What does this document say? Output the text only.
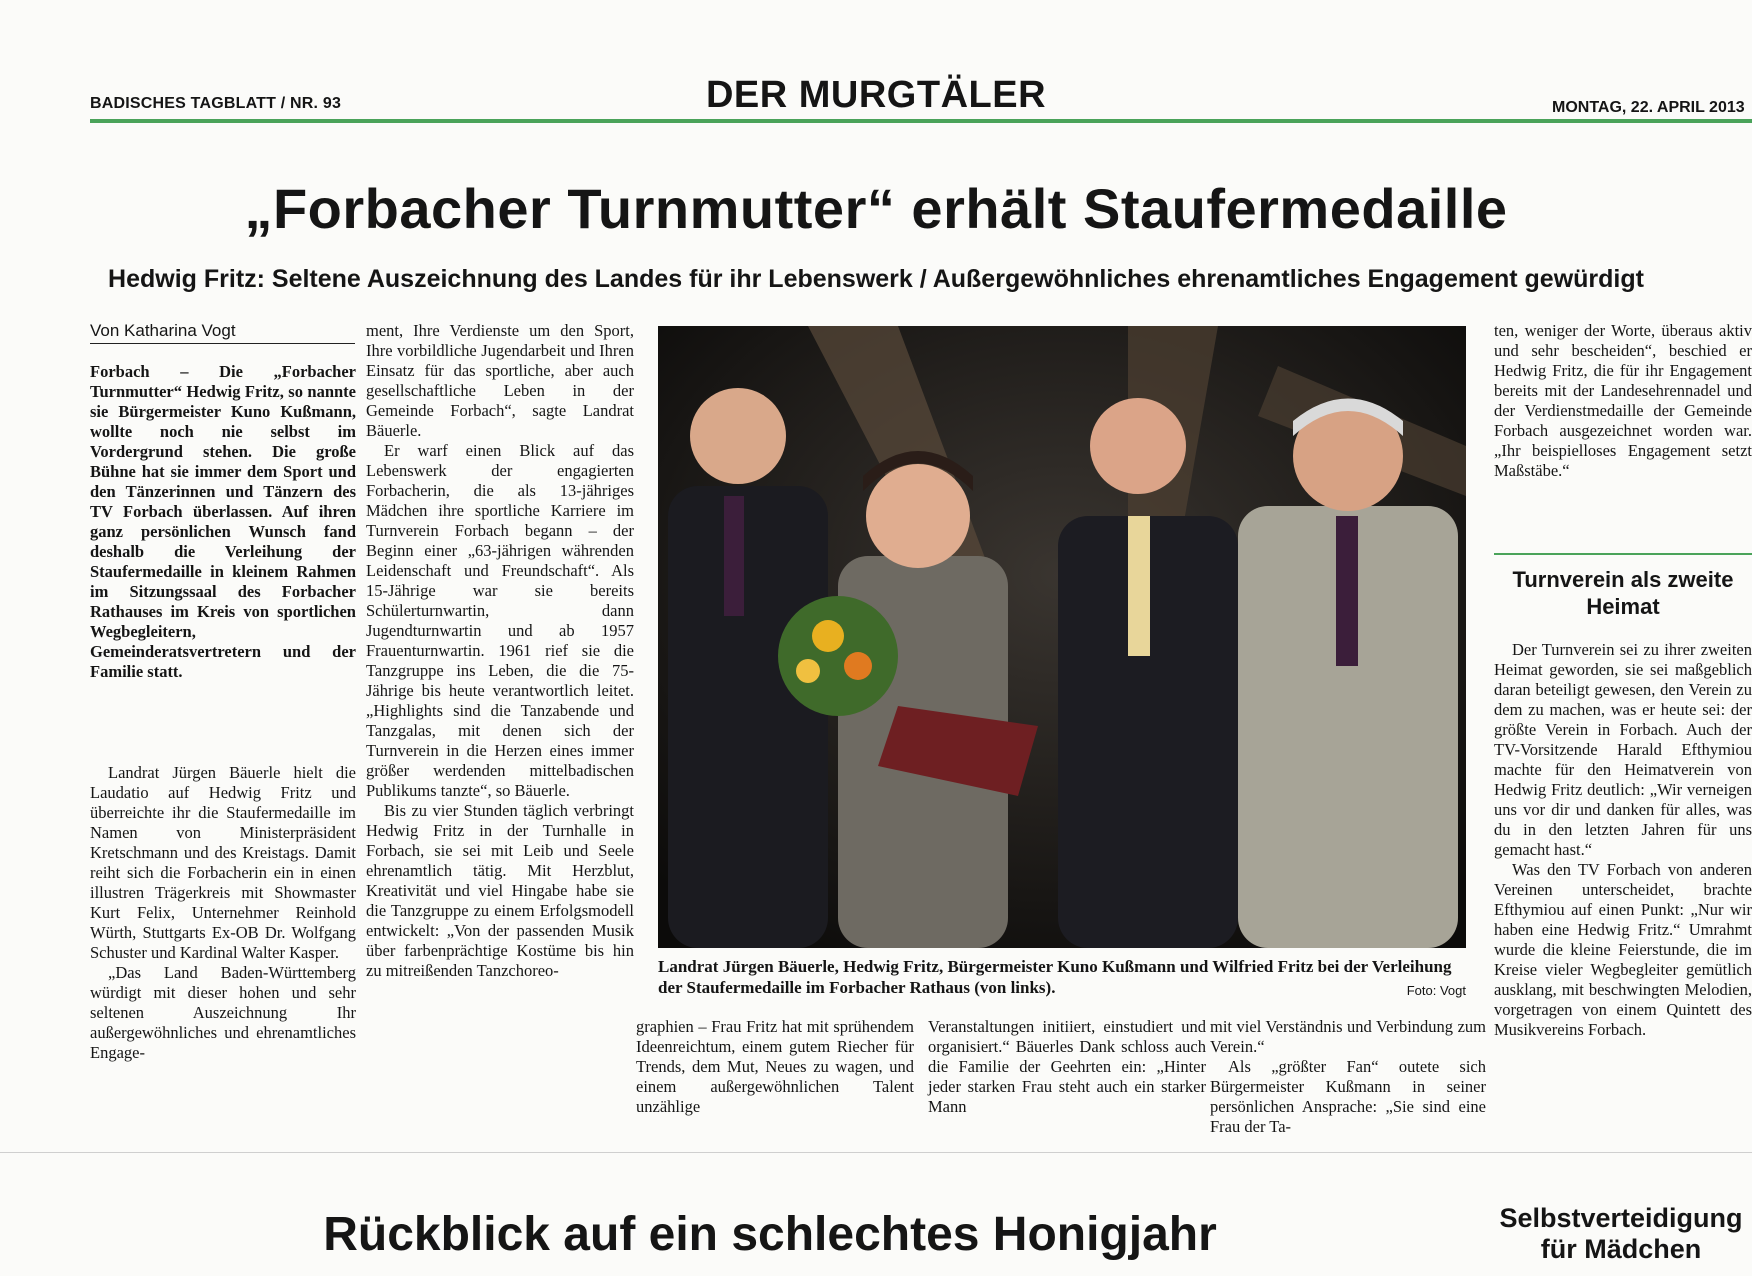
BADISCHES TAGBLATT / NR. 93	DER MURGTÄLER	MONTAG, 22. APRIL 2013
„Forbacher Turnmutter“ erhält Staufermedaille
Hedwig Fritz: Seltene Auszeichnung des Landes für ihr Lebenswerk / Außergewöhnliches ehrenamtliches Engagement gewürdigt
Von Katharina Vogt

Forbach – Die „Forbacher Turnmutter“ Hedwig Fritz, so nannte sie Bürgermeister Kuno Kußmann, wollte noch nie selbst im Vordergrund stehen. Die große Bühne hat sie immer dem Sport und den Tänzerinnen und Tänzern des TV Forbach überlassen. Auf ihren ganz persönlichen Wunsch fand deshalb die Verleihung der Staufermedaille in kleinem Rahmen im Sitzungssaal des Forbacher Rathauses im Kreis von sportlichen Wegbegleitern, Gemeinderatsvertretern und der Familie statt.

Landrat Jürgen Bäuerle hielt die Laudatio auf Hedwig Fritz und überreichte ihr die Staufermedaille im Namen von Ministerpräsident Kretschmann und des Kreistags. Damit reiht sich die Forbacherin ein in einen illustren Trägerkreis mit Showmaster Kurt Felix, Unternehmer Reinhold Würth, Stuttgarts Ex-OB Dr. Wolfgang Schuster und Kardinal Walter Kasper.

„Das Land Baden-Württemberg würdigt mit dieser hohen und sehr seltenen Auszeichnung Ihr außergewöhnliches und ehrenamtliches Engage-

ment, Ihre Verdienste um den Sport, Ihre vorbildliche Jugendarbeit und Ihren Einsatz für das sportliche, aber auch gesellschaftliche Leben in der Gemeinde Forbach“, sagte Landrat Bäuerle.

Er warf einen Blick auf das Lebenswerk der engagierten Forbacherin, die als 13-jähriges Mädchen ihre sportliche Karriere im Turnverein Forbach begann – der Beginn einer „63-jährigen währenden Leidenschaft und Freundschaft“. Als 15-Jährige war sie bereits Schülerturnwartin, dann Jugendturnwartin und ab 1957 Frauenturnwartin. 1961 rief sie die Tanzgruppe ins Leben, die die 75-Jährige bis heute verantwortlich leitet. „Highlights sind die Tanzabende und Tanzgalas, mit denen sich der Turnverein in die Herzen eines immer größer werdenden mittelbadischen Publikums tanzte“, so Bäuerle.

Bis zu vier Stunden täglich verbringt Hedwig Fritz in der Turnhalle in Forbach, sie sei mit Leib und Seele ehrenamtlich tätig. Mit Herzblut, Kreativität und viel Hingabe habe sie die Tanzgruppe zu einem Erfolgsmodell entwickelt: „Von der passenden Musik über farbenprächtige Kostüme bis hin zu mitreißenden Tanzchoreo-	Landrat Jürgen Bäuerle, Hedwig Fritz, Bürgermeister Kuno Kußmann und Wilfried Fritz bei der Verleihung der Staufermedaille im Forbacher Rathaus (von links).	Foto: Vogt

graphien – Frau Fritz hat mit sprühendem Ideenreichtum, einem gutem Riecher für Trends, dem Mut, Neues zu wagen, und einem außergewöhnlichen Talent unzählige

Veranstaltungen initiiert, einstudiert und organisiert.“ Bäuerles Dank schloss auch die Familie der Geehrten ein: „Hinter jeder starken Frau steht auch ein starker Mann

mit viel Verständnis und Verbindung zum Verein.“

Als „größter Fan“ outete sich Bürgermeister Kußmann in seiner persönlichen Ansprache: „Sie sind eine Frau der Ta-

ten, weniger der Worte, überaus aktiv und sehr bescheiden“, beschied er Hedwig Fritz, die für ihr Engagement bereits mit der Landesehrennadel und der Verdienstmedaille der Gemeinde Forbach ausgezeichnet worden war. „Ihr beispielloses Engagement setzt Maßstäbe.“

Turnverein als zweite Heimat

Der Turnverein sei zu ihrer zweiten Heimat geworden, sie sei maßgeblich daran beteiligt gewesen, den Verein zu dem zu machen, was er heute sei: der größte Verein in Forbach. Auch der TV-Vorsitzende Harald Efthymiou machte für den Heimatverein von Hedwig Fritz deutlich: „Wir verneigen uns vor dir und danken für alles, was du in den letzten Jahren für uns gemacht hast.“

Was den TV Forbach von anderen Vereinen unterscheidet, brachte Efthymiou auf einen Punkt: „Nur wir haben eine Hedwig Fritz.“ Umrahmt wurde die kleine Feierstunde, die im Kreise vieler Wegbegleiter gemütlich ausklang, mit beschwingten Melodien, vorgetragen von einem Quintett des Musikvereins Forbach.

Rückblick auf ein schlechtes Honigjahr	Selbstverteidigung für Mädchen
